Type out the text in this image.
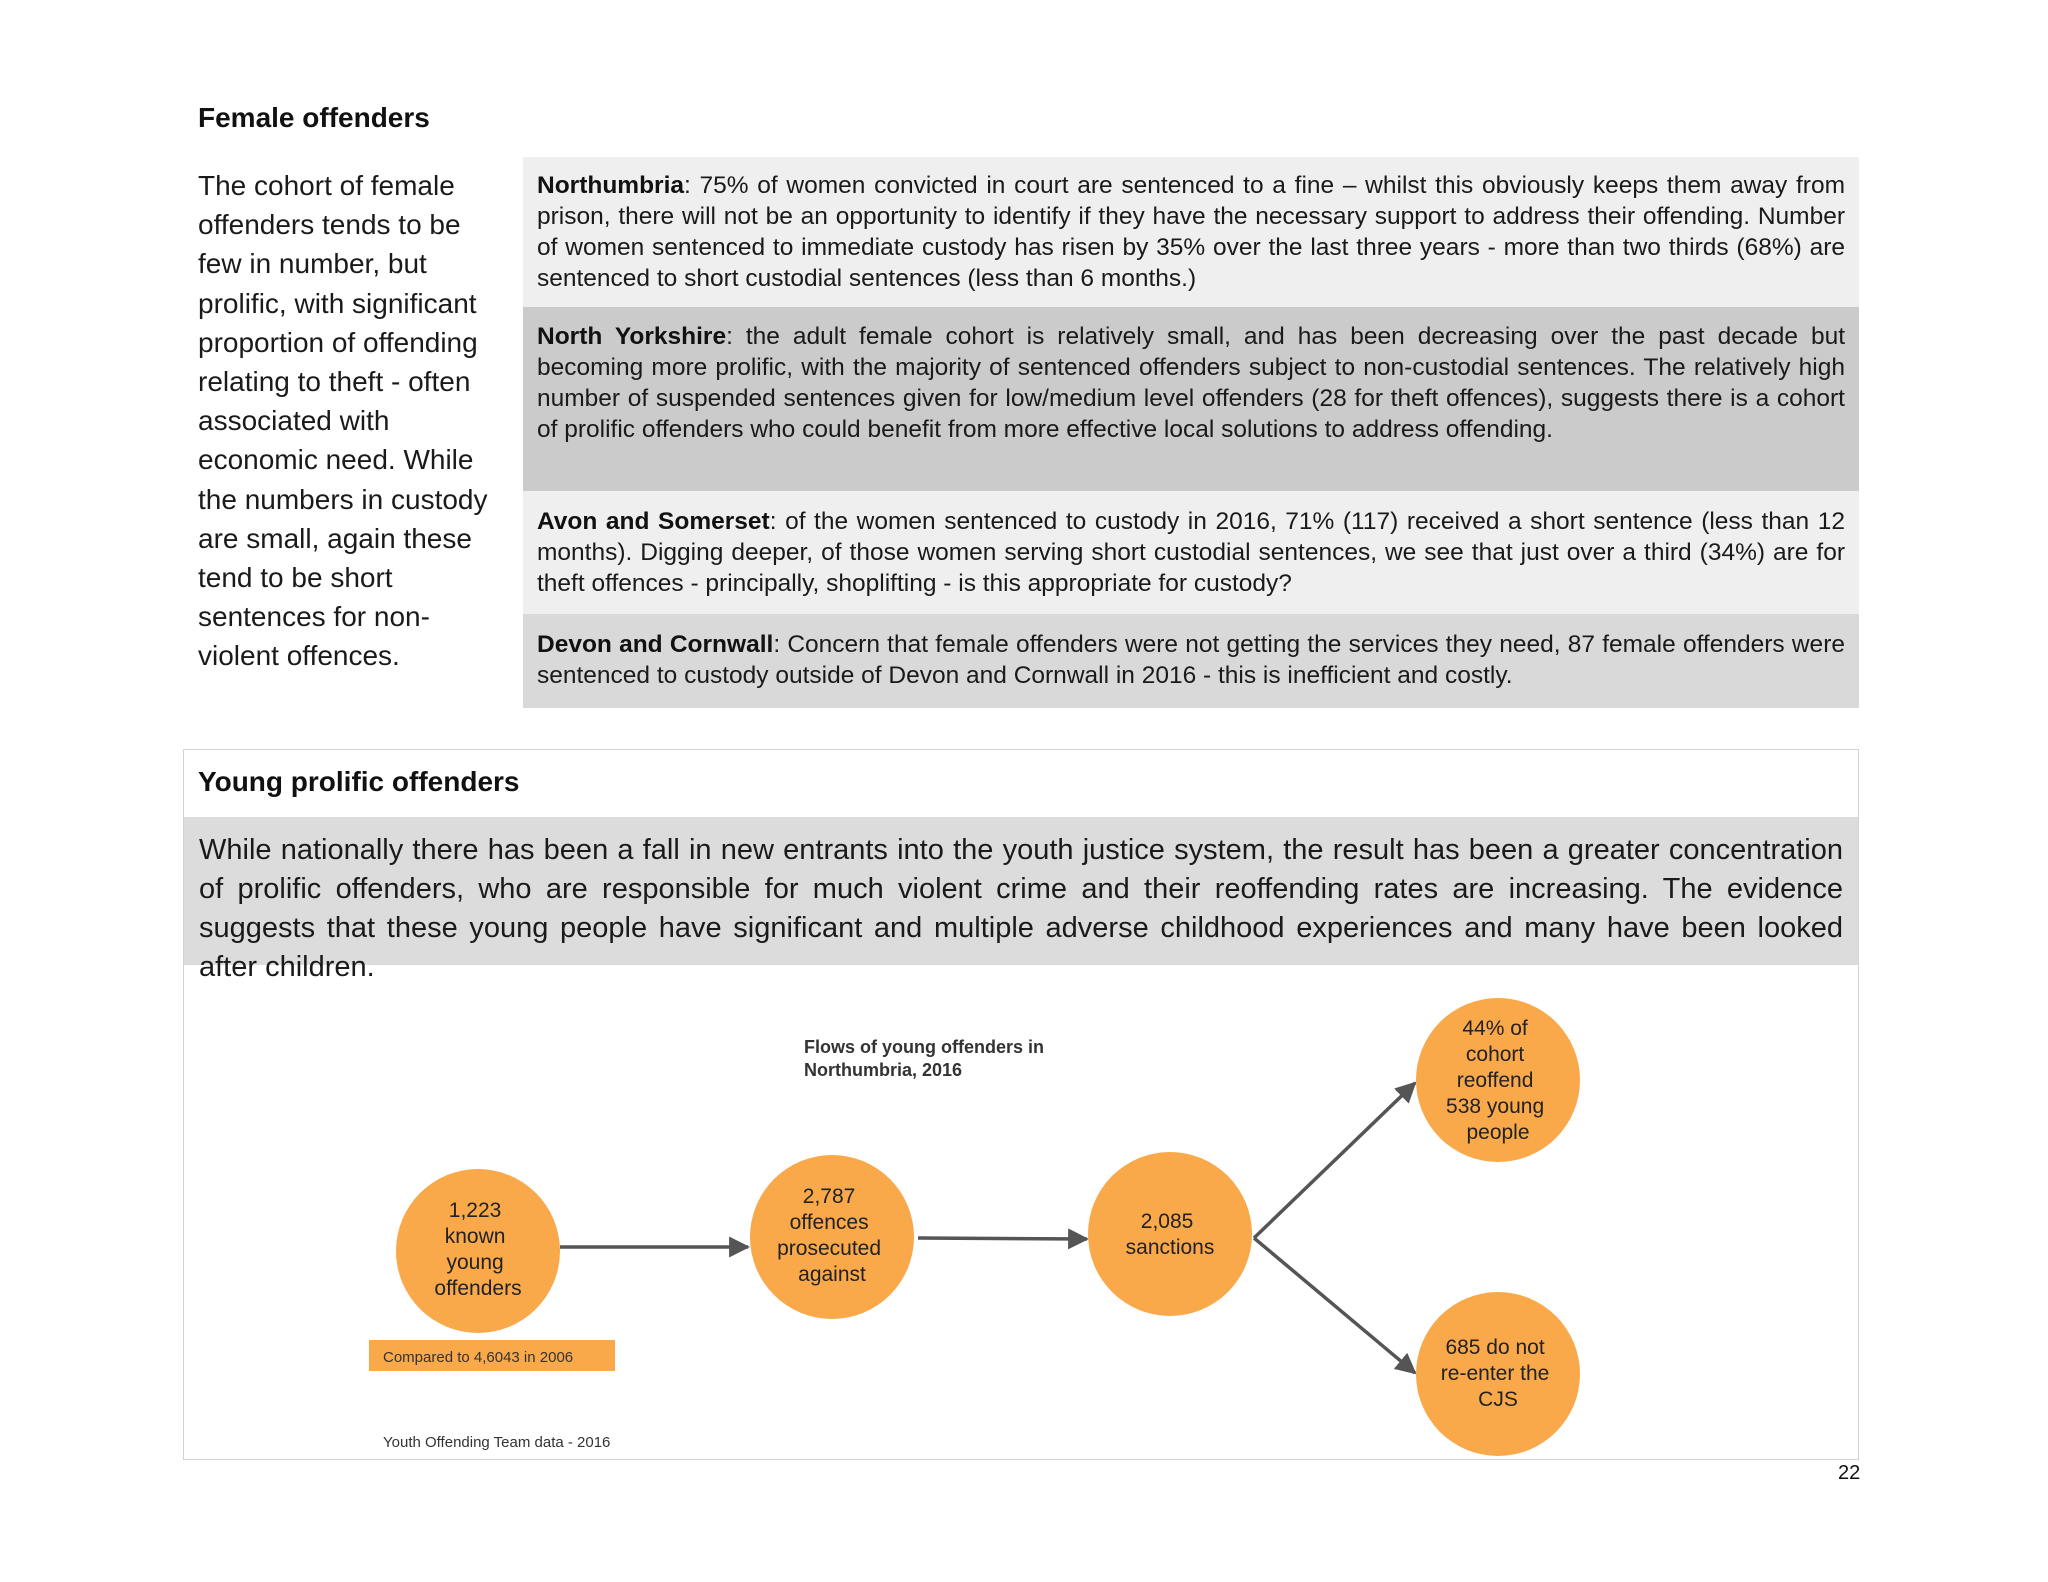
Female offenders
The cohort of female offenders tends to be few in number, but prolific, with significant proportion of offending relating to theft - often associated with economic need. While the numbers in custody are small, again these tend to be short sentences for non-violent offences.
Northumbria: 75% of women convicted in court are sentenced to a fine – whilst this obviously keeps them away from prison, there will not be an opportunity to identify if they have the necessary support to address their offending. Number of women sentenced to immediate custody has risen by 35% over the last three years - more than two thirds (68%) are sentenced to short custodial sentences (less than 6 months.)
North Yorkshire: the adult female cohort is relatively small, and has been decreasing over the past decade but becoming more prolific, with the majority of sentenced offenders subject to non-custodial sentences. The relatively high number of suspended sentences given for low/medium level offenders (28 for theft offences), suggests there is a cohort of prolific offenders who could benefit from more effective local solutions to address offending.
Avon and Somerset: of the women sentenced to custody in 2016, 71% (117) received a short sentence (less than 12 months). Digging deeper, of those women serving short custodial sentences, we see that just over a third (34%) are for theft offences - principally, shoplifting - is this appropriate for custody?
Devon and Cornwall: Concern that female offenders were not getting the services they need, 87 female offenders were sentenced to custody outside of Devon and Cornwall in 2016 - this is inefficient and costly.
Young prolific offenders
While nationally there has been a fall in new entrants into the youth justice system, the result has been a greater concentration of prolific offenders, who are responsible for much violent crime and their reoffending rates are increasing. The evidence suggests that these young people have significant and multiple adverse childhood experiences and many have been looked after children.
Flows of young offenders in Northumbria, 2016
1,223 known young offenders
2,787 offences prosecuted against
2,085 sanctions
44% of cohort reoffend 538 young people
685 do not re-enter the CJS
Compared to 4,6043 in 2006
Youth Offending Team data - 2016
22
